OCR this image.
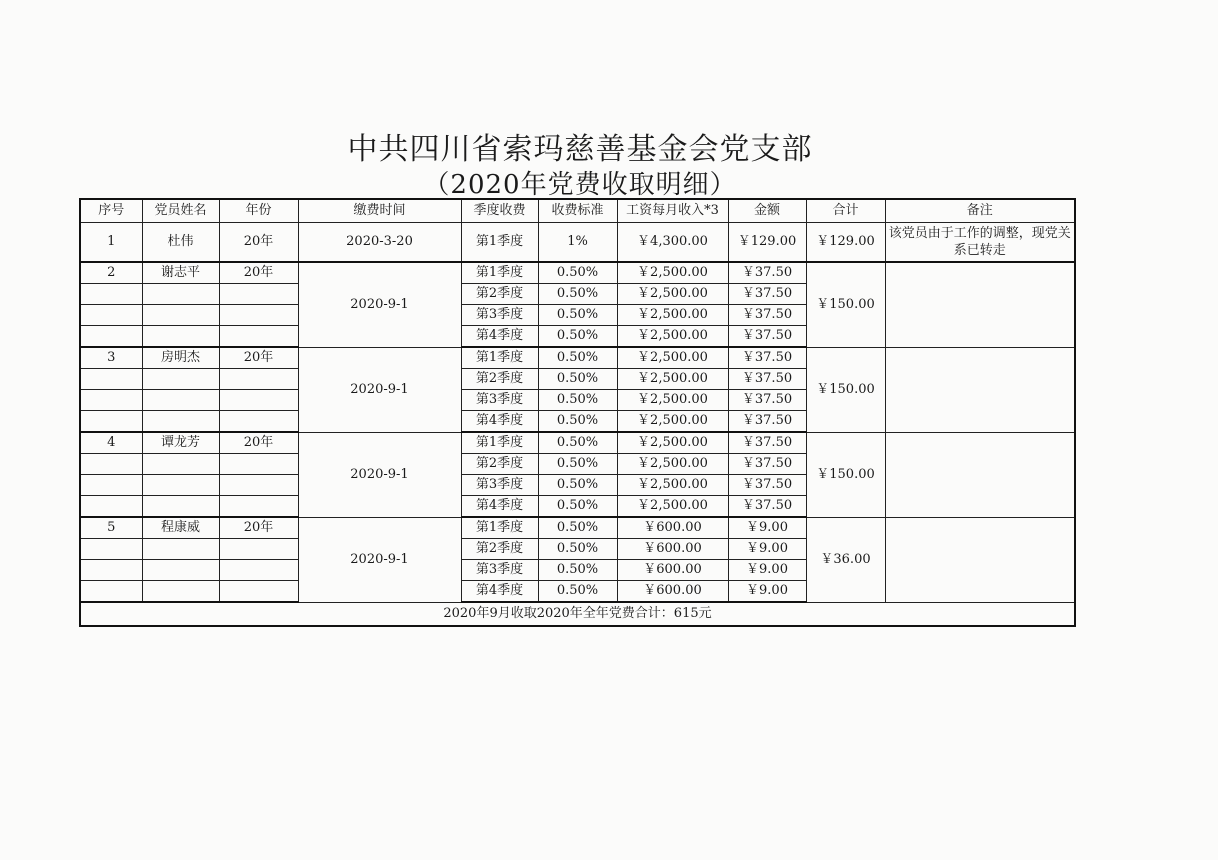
中共四川省索玛慈善基金会党支部
（2020年党费收取明细）
序号	党员姓名	年份	缴费时间	季度收费	收费标准	工资每月收入*3	金额	合计	备注
1	杜伟	20年	2020-3-20	第1季度	1%	￥4,300.00	￥129.00	￥129.00	该党员由于工作的调整，现党关系已转走
2	谢志平	20年	2020-9-1	第1季度	0.50%	￥2,500.00	￥37.50	￥150.00	
				第2季度	0.50%	￥2,500.00	￥37.50		
				第3季度	0.50%	￥2,500.00	￥37.50		
				第4季度	0.50%	￥2,500.00	￥37.50		
3	房明杰	20年	2020-9-1	第1季度	0.50%	￥2,500.00	￥37.50	￥150.00	
				第2季度	0.50%	￥2,500.00	￥37.50		
				第3季度	0.50%	￥2,500.00	￥37.50		
				第4季度	0.50%	￥2,500.00	￥37.50		
4	谭龙芳	20年	2020-9-1	第1季度	0.50%	￥2,500.00	￥37.50	￥150.00	
				第2季度	0.50%	￥2,500.00	￥37.50		
				第3季度	0.50%	￥2,500.00	￥37.50		
				第4季度	0.50%	￥2,500.00	￥37.50		
5	程康威	20年	2020-9-1	第1季度	0.50%	￥600.00	￥9.00	￥36.00	
				第2季度	0.50%	￥600.00	￥9.00		
				第3季度	0.50%	￥600.00	￥9.00		
				第4季度	0.50%	￥600.00	￥9.00		
2020年9月收取2020年全年党费合计：615元									
